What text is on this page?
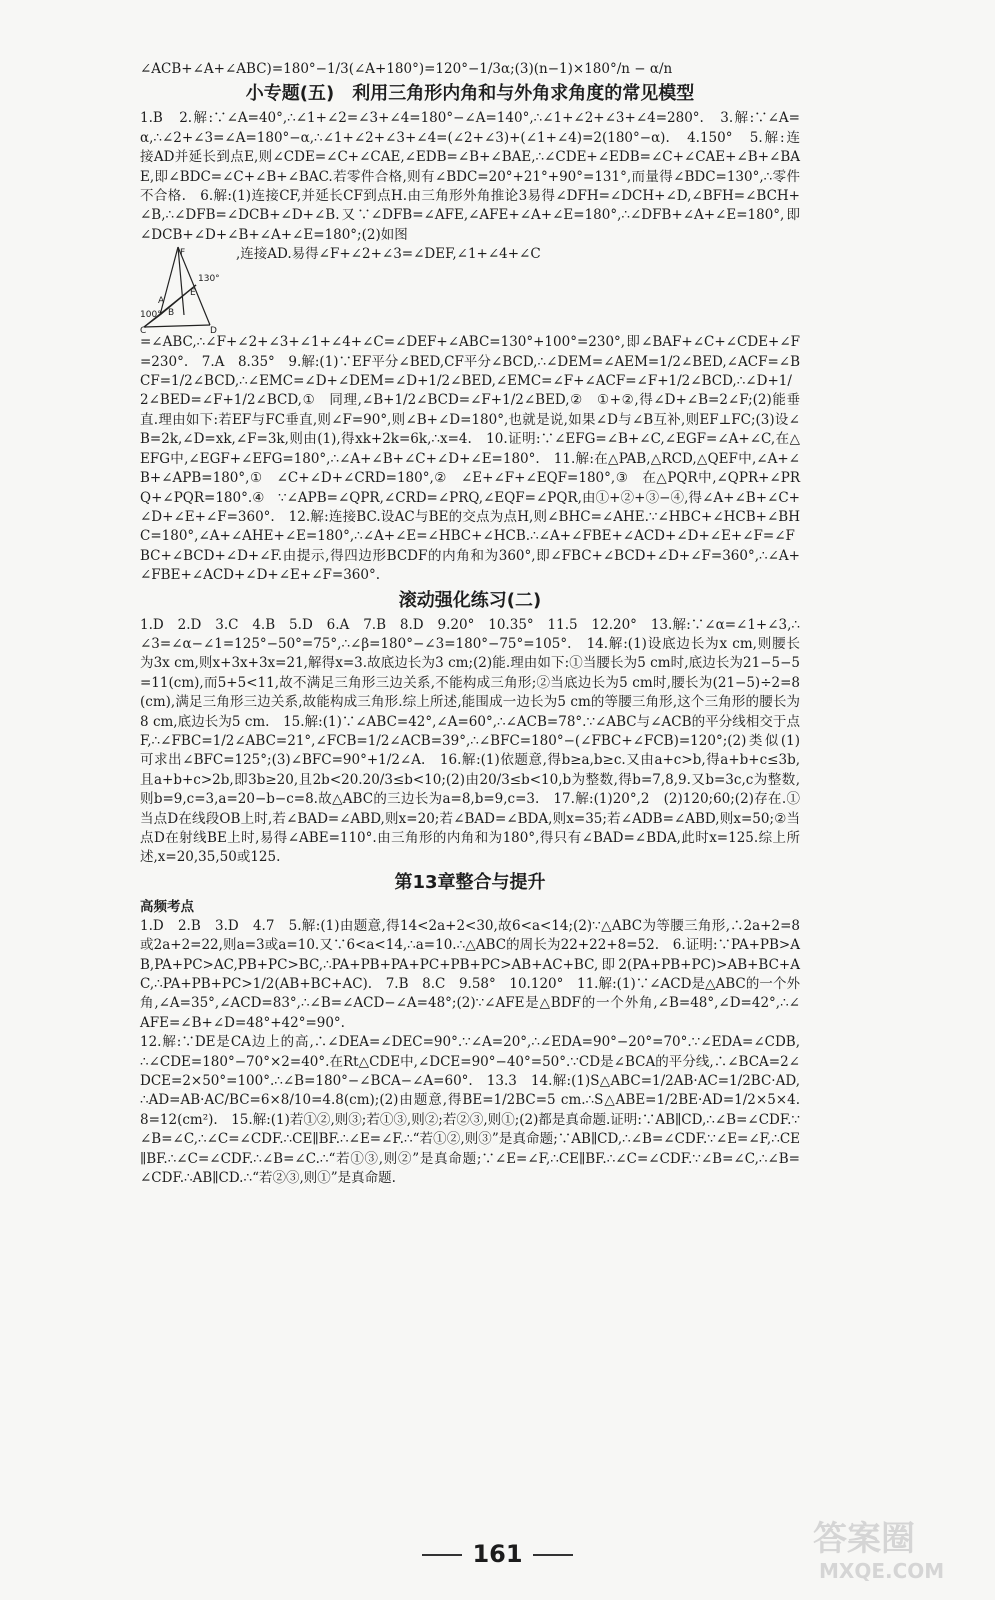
∠ACB+∠A+∠ABC)=180°−1/3(∠A+180°)=120°−1/3α;(3)(n−1)×180°/n − α/n

小专题(五)　利用三角形内角和与外角求角度的常见模型

1.B　2.解:∵∠A=40°,∴∠1+∠2=∠3+∠4=180°−∠A=140°,∴∠1+∠2+∠3+∠4=280°.　3.解:∵∠A=α,∴∠2+∠3=∠A=180°−α,∴∠1+∠2+∠3+∠4=(∠2+∠3)+(∠1+∠4)=2(180°−α).　4.150°　5.解:连接AD并延长到点E,则∠CDE=∠C+∠CAE,∠EDB=∠B+∠BAE,∴∠CDE+∠EDB=∠C+∠CAE+∠B+∠BAE,即∠BDC=∠C+∠B+∠BAC.若零件合格,则有∠BDC=20°+21°+90°=131°,而量得∠BDC=130°,∴零件不合格.　6.解:(1)连接CF,并延长CF到点H.由三角形外角推论3易得∠DFH=∠DCH+∠D,∠BFH=∠BCH+∠B,∴∠DFB=∠DCB+∠D+∠B.又∵∠DFB=∠AFE,∠AFE+∠A+∠E=180°,∴∠DFB+∠A+∠E=180°,即∠DCB+∠D+∠B+∠A+∠E=180°;(2)如图

F
130°
A
E
100° B
C	D

,连接AD.易得∠F+∠2+∠3=∠DEF,∠1+∠4+∠C

=∠ABC,∴∠F+∠2+∠3+∠1+∠4+∠C=∠DEF+∠ABC=130°+100°=230°,即∠BAF+∠C+∠CDE+∠F=230°.　7.A　8.35°　9.解:(1)∵EF平分∠BED,CF平分∠BCD,∴∠DEM=∠AEM=1/2∠BED,∠ACF=∠BCF=1/2∠BCD,∴∠EMC=∠D+∠DEM=∠D+1/2∠BED,∠EMC=∠F+∠ACF=∠F+1/2∠BCD,∴∠D+1/2∠BED=∠F+1/2∠BCD,①　同理,∠B+1/2∠BCD=∠F+1/2∠BED,②　①+②,得∠D+∠B=2∠F;(2)能垂直.理由如下:若EF与FC垂直,则∠F=90°,则∠B+∠D=180°,也就是说,如果∠D与∠B互补,则EF⊥FC;(3)设∠B=2k,∠D=xk,∠F=3k,则由(1),得xk+2k=6k,∴x=4.　10.证明:∵∠EFG=∠B+∠C,∠EGF=∠A+∠C,在△EFG中,∠EGF+∠EFG=180°,∴∠A+∠B+∠C+∠D+∠E=180°.　11.解:在△PAB,△RCD,△QEF中,∠A+∠B+∠APB=180°,①　∠C+∠D+∠CRD=180°,②　∠E+∠F+∠EQF=180°,③　在△PQR中,∠QPR+∠PRQ+∠PQR=180°.④　∵∠APB=∠QPR,∠CRD=∠PRQ,∠EQF=∠PQR,由①+②+③−④,得∠A+∠B+∠C+∠D+∠E+∠F=360°.　12.解:连接BC.设AC与BE的交点为点H,则∠BHC=∠AHE.∵∠HBC+∠HCB+∠BHC=180°,∠A+∠AHE+∠E=180°,∴∠A+∠E=∠HBC+∠HCB.∴∠A+∠FBE+∠ACD+∠D+∠E+∠F=∠FBC+∠BCD+∠D+∠F.由提示,得四边形BCDF的内角和为360°,即∠FBC+∠BCD+∠D+∠F=360°,∴∠A+∠FBE+∠ACD+∠D+∠E+∠F=360°.

滚动强化练习(二)

1.D　2.D　3.C　4.B　5.D　6.A　7.B　8.D　9.20°　10.35°　11.5　12.20°　13.解:∵∠α=∠1+∠3,∴∠3=∠α−∠1=125°−50°=75°,∴∠β=180°−∠3=180°−75°=105°.　14.解:(1)设底边长为x cm,则腰长为3x cm,则x+3x+3x=21,解得x=3.故底边长为3 cm;(2)能.理由如下:①当腰长为5 cm时,底边长为21−5−5=11(cm),而5+5<11,故不满足三角形三边关系,不能构成三角形;②当底边长为5 cm时,腰长为(21−5)÷2=8(cm),满足三角形三边关系,故能构成三角形.综上所述,能围成一边长为5 cm的等腰三角形,这个三角形的腰长为8 cm,底边长为5 cm.　15.解:(1)∵∠ABC=42°,∠A=60°,∴∠ACB=78°.∵∠ABC与∠ACB的平分线相交于点F,∴∠FBC=1/2∠ABC=21°,∠FCB=1/2∠ACB=39°,∴∠BFC=180°−(∠FBC+∠FCB)=120°;(2)类似(1)可求出∠BFC=125°;(3)∠BFC=90°+1/2∠A.　16.解:(1)依题意,得b≥a,b≥c.又由a+c>b,得a+b+c≤3b,且a+b+c>2b,即3b≥20,且2b<20.20/3≤b<10;(2)由20/3≤b<10,b为整数,得b=7,8,9.又b=3c,c为整数,则b=9,c=3,a=20−b−c=8.故△ABC的三边长为a=8,b=9,c=3.　17.解:(1)20°,2　(2)120;60;(2)存在.①当点D在线段OB上时,若∠BAD=∠ABD,则x=20;若∠BAD=∠BDA,则x=35;若∠ADB=∠ABD,则x=50;②当点D在射线BE上时,易得∠ABE=110°.由三角形的内角和为180°,得只有∠BAD=∠BDA,此时x=125.综上所述,x=20,35,50或125.

第13章整合与提升

高频考点

1.D　2.B　3.D　4.7　5.解:(1)由题意,得14<2a+2<30,故6<a<14;(2)∵△ABC为等腰三角形,∴2a+2=8或2a+2=22,则a=3或a=10.又∵6<a<14,∴a=10.∴△ABC的周长为22+22+8=52.　6.证明:∵PA+PB>AB,PA+PC>AC,PB+PC>BC,∴PA+PB+PA+PC+PB+PC>AB+AC+BC,即2(PA+PB+PC)>AB+BC+AC,∴PA+PB+PC>1/2(AB+BC+AC).　7.B　8.C　9.58°　10.120°　11.解:(1)∵∠ACD是△ABC的一个外角,∠A=35°,∠ACD=83°,∴∠B=∠ACD−∠A=48°;(2)∵∠AFE是△BDF的一个外角,∠B=48°,∠D=42°,∴∠AFE=∠B+∠D=48°+42°=90°.

12.解:∵DE是CA边上的高,∴∠DEA=∠DEC=90°.∵∠A=20°,∴∠EDA=90°−20°=70°.∵∠EDA=∠CDB,∴∠CDE=180°−70°×2=40°.在Rt△CDE中,∠DCE=90°−40°=50°.∵CD是∠BCA的平分线,∴∠BCA=2∠DCE=2×50°=100°.∴∠B=180°−∠BCA−∠A=60°.　13.3　14.解:(1)S△ABC=1/2AB·AC=1/2BC·AD,∴AD=AB·AC/BC=6×8/10=4.8(cm);(2)由题意,得BE=1/2BC=5 cm.∴S△ABE=1/2BE·AD=1/2×5×4.8=12(cm²).　15.解:(1)若①②,则③;若①③,则②;若②③,则①;(2)都是真命题.证明:∵AB∥CD,∴∠B=∠CDF.∵∠B=∠C,∴∠C=∠CDF.∴CE∥BF.∴∠E=∠F.∴“若①②,则③”是真命题;∵AB∥CD,∴∠B=∠CDF.∵∠E=∠F,∴CE∥BF.∴∠C=∠CDF.∴∠B=∠C.∴“若①③,则②”是真命题;∵∠E=∠F,∴CE∥BF.∴∠C=∠CDF.∵∠B=∠C,∴∠B=∠CDF.∴AB∥CD.∴“若②③,则①”是真命题.

161	答案圈
MXQE.COM
